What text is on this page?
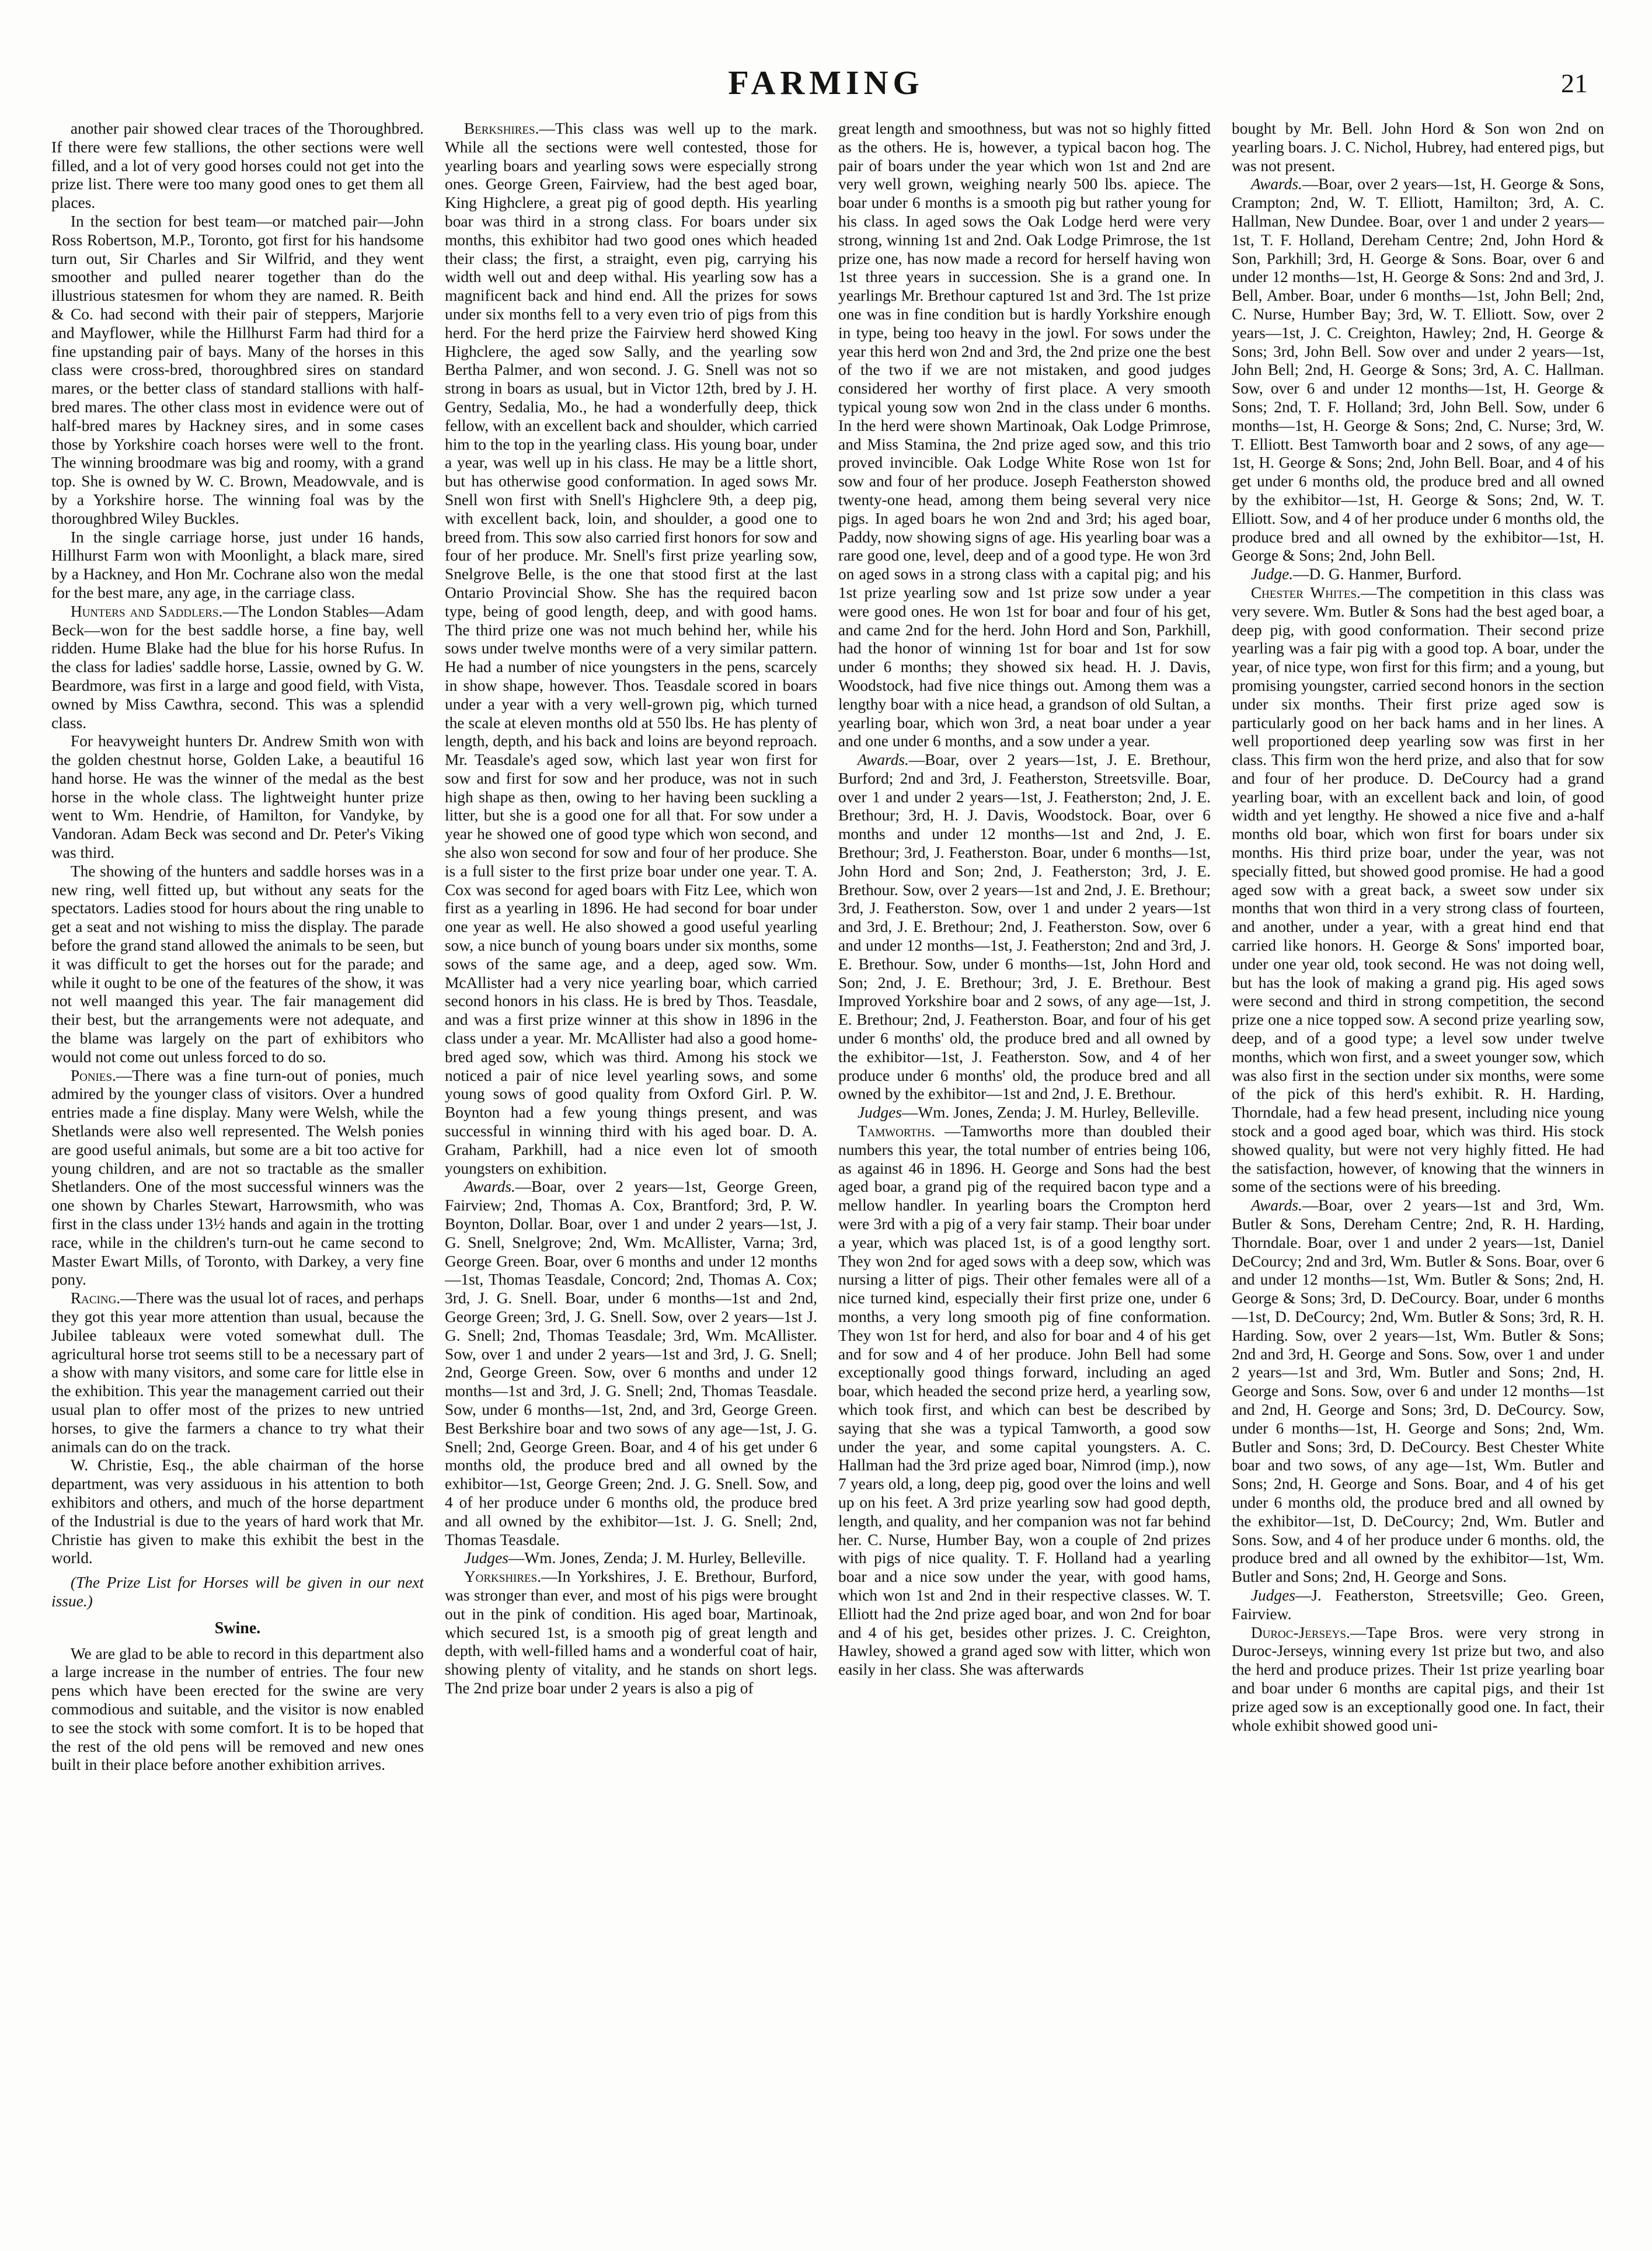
FARMING	21

another pair showed clear traces of the Thoroughbred. If there were few stallions, the other sections were well filled, and a lot of very good horses could not get into the prize list. There were too many good ones to get them all places.

In the section for best team—or matched pair—John Ross Robertson, M.P., Toronto, got first for his handsome turn out, Sir Charles and Sir Wilfrid, and they went smoother and pulled nearer together than do the illustrious statesmen for whom they are named. R. Beith & Co. had second with their pair of steppers, Marjorie and Mayflower, while the Hillhurst Farm had third for a fine upstanding pair of bays. Many of the horses in this class were cross-bred, thoroughbred sires on standard mares, or the better class of standard stallions with half-bred mares. The other class most in evidence were out of half-bred mares by Hackney sires, and in some cases those by Yorkshire coach horses were well to the front. The winning broodmare was big and roomy, with a grand top. She is owned by W. C. Brown, Meadowvale, and is by a Yorkshire horse. The winning foal was by the thoroughbred Wiley Buckles.

In the single carriage horse, just under 16 hands, Hillhurst Farm won with Moonlight, a black mare, sired by a Hackney, and Hon Mr. Cochrane also won the medal for the best mare, any age, in the carriage class.

Hunters and Saddlers.—The London Stables—Adam Beck—won for the best saddle horse, a fine bay, well ridden. Hume Blake had the blue for his horse Rufus. In the class for ladies' saddle horse, Lassie, owned by G. W. Beardmore, was first in a large and good field, with Vista, owned by Miss Cawthra, second. This was a splendid class.

For heavyweight hunters Dr. Andrew Smith won with the golden chestnut horse, Golden Lake, a beautiful 16 hand horse. He was the winner of the medal as the best horse in the whole class. The lightweight hunter prize went to Wm. Hendrie, of Hamilton, for Vandyke, by Vandoran. Adam Beck was second and Dr. Peter's Viking was third.

The showing of the hunters and saddle horses was in a new ring, well fitted up, but without any seats for the spectators. Ladies stood for hours about the ring unable to get a seat and not wishing to miss the display. The parade before the grand stand allowed the animals to be seen, but it was difficult to get the horses out for the parade; and while it ought to be one of the features of the show, it was not well maanged this year. The fair management did their best, but the arrangements were not adequate, and the blame was largely on the part of exhibitors who would not come out unless forced to do so.

Ponies.—There was a fine turn-out of ponies, much admired by the younger class of visitors. Over a hundred entries made a fine display. Many were Welsh, while the Shetlands were also well represented. The Welsh ponies are good useful animals, but some are a bit too active for young children, and are not so tractable as the smaller Shetlanders. One of the most successful winners was the one shown by Charles Stewart, Harrowsmith, who was first in the class under 13½ hands and again in the trotting race, while in the children's turn-out he came second to Master Ewart Mills, of Toronto, with Darkey, a very fine pony.

Racing.—There was the usual lot of races, and perhaps they got this year more attention than usual, because the Jubilee tableaux were voted somewhat dull. The agricultural horse trot seems still to be a necessary part of a show with many visitors, and some care for little else in the exhibition. This year the management carried out their usual plan to offer most of the prizes to new untried horses, to give the farmers a chance to try what their animals can do on the track.

W. Christie, Esq., the able chairman of the horse department, was very assiduous in his attention to both exhibitors and others, and much of the horse department of the Industrial is due to the years of hard work that Mr. Christie has given to make this exhibit the best in the world.

(The Prize List for Horses will be given in our next issue.)

Swine.

We are glad to be able to record in this department also a large increase in the number of entries. The four new pens which have been erected for the swine are very commodious and suitable, and the visitor is now enabled to see the stock with some comfort. It is to be hoped that the rest of the old pens will be removed and new ones built in their place before another exhibition arrives.

Berkshires.—This class was well up to the mark. While all the sections were well contested, those for yearling boars and yearling sows were especially strong ones. George Green, Fairview, had the best aged boar, King Highclere, a great pig of good depth. His yearling boar was third in a strong class. For boars under six months, this exhibitor had two good ones which headed their class; the first, a straight, even pig, carrying his width well out and deep withal. His yearling sow has a magnificent back and hind end. All the prizes for sows under six months fell to a very even trio of pigs from this herd. For the herd prize the Fairview herd showed King Highclere, the aged sow Sally, and the yearling sow Bertha Palmer, and won second. J. G. Snell was not so strong in boars as usual, but in Victor 12th, bred by J. H. Gentry, Sedalia, Mo., he had a wonderfully deep, thick fellow, with an excellent back and shoulder, which carried him to the top in the yearling class. His young boar, under a year, was well up in his class. He may be a little short, but has otherwise good conformation. In aged sows Mr. Snell won first with Snell's Highclere 9th, a deep pig, with excellent back, loin, and shoulder, a good one to breed from. This sow also carried first honors for sow and four of her produce. Mr. Snell's first prize yearling sow, Snelgrove Belle, is the one that stood first at the last Ontario Provincial Show. She has the required bacon type, being of good length, deep, and with good hams. The third prize one was not much behind her, while his sows under twelve months were of a very similar pattern. He had a number of nice youngsters in the pens, scarcely in show shape, however. Thos. Teasdale scored in boars under a year with a very well-grown pig, which turned the scale at eleven months old at 550 lbs. He has plenty of length, depth, and his back and loins are beyond reproach. Mr. Teasdale's aged sow, which last year won first for sow and first for sow and her produce, was not in such high shape as then, owing to her having been suckling a litter, but she is a good one for all that. For sow under a year he showed one of good type which won second, and she also won second for sow and four of her produce. She is a full sister to the first prize boar under one year. T. A. Cox was second for aged boars with Fitz Lee, which won first as a yearling in 1896. He had second for boar under one year as well. He also showed a good useful yearling sow, a nice bunch of young boars under six months, some sows of the same age, and a deep, aged sow. Wm. McAllister had a very nice yearling boar, which carried second honors in his class. He is bred by Thos. Teasdale, and was a first prize winner at this show in 1896 in the class under a year. Mr. McAllister had also a good home-bred aged sow, which was third. Among his stock we noticed a pair of nice level yearling sows, and some young sows of good quality from Oxford Girl. P. W. Boynton had a few young things present, and was successful in winning third with his aged boar. D. A. Graham, Parkhill, had a nice even lot of smooth youngsters on exhibition.

Awards.—Boar, over 2 years—1st, George Green, Fairview; 2nd, Thomas A. Cox, Brantford; 3rd, P. W. Boynton, Dollar. Boar, over 1 and under 2 years—1st, J. G. Snell, Snelgrove; 2nd, Wm. McAllister, Varna; 3rd, George Green. Boar, over 6 months and under 12 months—1st, Thomas Teasdale, Concord; 2nd, Thomas A. Cox; 3rd, J. G. Snell. Boar, under 6 months—1st and 2nd, George Green; 3rd, J. G. Snell. Sow, over 2 years—1st J. G. Snell; 2nd, Thomas Teasdale; 3rd, Wm. McAllister. Sow, over 1 and under 2 years—1st and 3rd, J. G. Snell; 2nd, George Green. Sow, over 6 months and under 12 months—1st and 3rd, J. G. Snell; 2nd, Thomas Teasdale. Sow, under 6 months—1st, 2nd, and 3rd, George Green. Best Berkshire boar and two sows of any age—1st, J. G. Snell; 2nd, George Green. Boar, and 4 of his get under 6 months old, the produce bred and all owned by the exhibitor—1st, George Green; 2nd. J. G. Snell. Sow, and 4 of her produce under 6 months old, the produce bred and all owned by the exhibitor—1st. J. G. Snell; 2nd, Thomas Teasdale.

Judges—Wm. Jones, Zenda; J. M. Hurley, Belleville.

Yorkshires.—In Yorkshires, J. E. Brethour, Burford, was stronger than ever, and most of his pigs were brought out in the pink of condition. His aged boar, Martinoak, which secured 1st, is a smooth pig of great length and depth, with well-filled hams and a wonderful coat of hair, showing plenty of vitality, and he stands on short legs. The 2nd prize boar under 2 years is also a pig of

great length and smoothness, but was not so highly fitted as the others. He is, however, a typical bacon hog. The pair of boars under the year which won 1st and 2nd are very well grown, weighing nearly 500 lbs. apiece. The boar under 6 months is a smooth pig but rather young for his class. In aged sows the Oak Lodge herd were very strong, winning 1st and 2nd. Oak Lodge Primrose, the 1st prize one, has now made a record for herself having won 1st three years in succession. She is a grand one. In yearlings Mr. Brethour captured 1st and 3rd. The 1st prize one was in fine condition but is hardly Yorkshire enough in type, being too heavy in the jowl. For sows under the year this herd won 2nd and 3rd, the 2nd prize one the best of the two if we are not mistaken, and good judges considered her worthy of first place. A very smooth typical young sow won 2nd in the class under 6 months. In the herd were shown Martinoak, Oak Lodge Primrose, and Miss Stamina, the 2nd prize aged sow, and this trio proved invincible. Oak Lodge White Rose won 1st for sow and four of her produce. Joseph Featherston showed twenty-one head, among them being several very nice pigs. In aged boars he won 2nd and 3rd; his aged boar, Paddy, now showing signs of age. His yearling boar was a rare good one, level, deep and of a good type. He won 3rd on aged sows in a strong class with a capital pig; and his 1st prize yearling sow and 1st prize sow under a year were good ones. He won 1st for boar and four of his get, and came 2nd for the herd. John Hord and Son, Parkhill, had the honor of winning 1st for boar and 1st for sow under 6 months; they showed six head. H. J. Davis, Woodstock, had five nice things out. Among them was a lengthy boar with a nice head, a grandson of old Sultan, a yearling boar, which won 3rd, a neat boar under a year and one under 6 months, and a sow under a year.

Awards.—Boar, over 2 years—1st, J. E. Brethour, Burford; 2nd and 3rd, J. Featherston, Streetsville. Boar, over 1 and under 2 years—1st, J. Featherston; 2nd, J. E. Brethour; 3rd, H. J. Davis, Woodstock. Boar, over 6 months and under 12 months—1st and 2nd, J. E. Brethour; 3rd, J. Featherston. Boar, under 6 months—1st, John Hord and Son; 2nd, J. Featherston; 3rd, J. E. Brethour. Sow, over 2 years—1st and 2nd, J. E. Brethour; 3rd, J. Featherston. Sow, over 1 and under 2 years—1st and 3rd, J. E. Brethour; 2nd, J. Featherston. Sow, over 6 and under 12 months—1st, J. Featherston; 2nd and 3rd, J. E. Brethour. Sow, under 6 months—1st, John Hord and Son; 2nd, J. E. Brethour; 3rd, J. E. Brethour. Best Improved Yorkshire boar and 2 sows, of any age—1st, J. E. Brethour; 2nd, J. Featherston. Boar, and four of his get under 6 months' old, the produce bred and all owned by the exhibitor—1st, J. Featherston. Sow, and 4 of her produce under 6 months' old, the produce bred and all owned by the exhibitor—1st and 2nd, J. E. Brethour.

Judges—Wm. Jones, Zenda; J. M. Hurley, Belleville.

Tamworths. —Tamworths more than doubled their numbers this year, the total number of entries being 106, as against 46 in 1896. H. George and Sons had the best aged boar, a grand pig of the required bacon type and a mellow handler. In yearling boars the Crompton herd were 3rd with a pig of a very fair stamp. Their boar under a year, which was placed 1st, is of a good lengthy sort. They won 2nd for aged sows with a deep sow, which was nursing a litter of pigs. Their other females were all of a nice turned kind, especially their first prize one, under 6 months, a very long smooth pig of fine conformation. They won 1st for herd, and also for boar and 4 of his get and for sow and 4 of her produce. John Bell had some exceptionally good things forward, including an aged boar, which headed the second prize herd, a yearling sow, which took first, and which can best be described by saying that she was a typical Tamworth, a good sow under the year, and some capital youngsters. A. C. Hallman had the 3rd prize aged boar, Nimrod (imp.), now 7 years old, a long, deep pig, good over the loins and well up on his feet. A 3rd prize yearling sow had good depth, length, and quality, and her companion was not far behind her. C. Nurse, Humber Bay, won a couple of 2nd prizes with pigs of nice quality. T. F. Holland had a yearling boar and a nice sow under the year, with good hams, which won 1st and 2nd in their respective classes. W. T. Elliott had the 2nd prize aged boar, and won 2nd for boar and 4 of his get, besides other prizes. J. C. Creighton, Hawley, showed a grand aged sow with litter, which won easily in her class. She was afterwards

bought by Mr. Bell. John Hord & Son won 2nd on yearling boars. J. C. Nichol, Hubrey, had entered pigs, but was not present.

Awards.—Boar, over 2 years—1st, H. George & Sons, Crampton; 2nd, W. T. Elliott, Hamilton; 3rd, A. C. Hallman, New Dundee. Boar, over 1 and under 2 years—1st, T. F. Holland, Dereham Centre; 2nd, John Hord & Son, Parkhill; 3rd, H. George & Sons. Boar, over 6 and under 12 months—1st, H. George & Sons: 2nd and 3rd, J. Bell, Amber. Boar, under 6 months—1st, John Bell; 2nd, C. Nurse, Humber Bay; 3rd, W. T. Elliott. Sow, over 2 years—1st, J. C. Creighton, Hawley; 2nd, H. George & Sons; 3rd, John Bell. Sow over and under 2 years—1st, John Bell; 2nd, H. George & Sons; 3rd, A. C. Hallman. Sow, over 6 and under 12 months—1st, H. George & Sons; 2nd, T. F. Holland; 3rd, John Bell. Sow, under 6 months—1st, H. George & Sons; 2nd, C. Nurse; 3rd, W. T. Elliott. Best Tamworth boar and 2 sows, of any age—1st, H. George & Sons; 2nd, John Bell. Boar, and 4 of his get under 6 months old, the produce bred and all owned by the exhibitor—1st, H. George & Sons; 2nd, W. T. Elliott. Sow, and 4 of her produce under 6 months old, the produce bred and all owned by the exhibitor—1st, H. George & Sons; 2nd, John Bell.

Judge.—D. G. Hanmer, Burford.

Chester Whites.—The competition in this class was very severe. Wm. Butler & Sons had the best aged boar, a deep pig, with good conformation. Their second prize yearling was a fair pig with a good top. A boar, under the year, of nice type, won first for this firm; and a young, but promising youngster, carried second honors in the section under six months. Their first prize aged sow is particularly good on her back hams and in her lines. A well proportioned deep yearling sow was first in her class. This firm won the herd prize, and also that for sow and four of her produce. D. DeCourcy had a grand yearling boar, with an excellent back and loin, of good width and yet lengthy. He showed a nice five and a-half months old boar, which won first for boars under six months. His third prize boar, under the year, was not specially fitted, but showed good promise. He had a good aged sow with a great back, a sweet sow under six months that won third in a very strong class of fourteen, and another, under a year, with a great hind end that carried like honors. H. George & Sons' imported boar, under one year old, took second. He was not doing well, but has the look of making a grand pig. His aged sows were second and third in strong competition, the second prize one a nice topped sow. A second prize yearling sow, deep, and of a good type; a level sow under twelve months, which won first, and a sweet younger sow, which was also first in the section under six months, were some of the pick of this herd's exhibit. R. H. Harding, Thorndale, had a few head present, including nice young stock and a good aged boar, which was third. His stock showed quality, but were not very highly fitted. He had the satisfaction, however, of knowing that the winners in some of the sections were of his breeding.

Awards.—Boar, over 2 years—1st and 3rd, Wm. Butler & Sons, Dereham Centre; 2nd, R. H. Harding, Thorndale. Boar, over 1 and under 2 years—1st, Daniel DeCourcy; 2nd and 3rd, Wm. Butler & Sons. Boar, over 6 and under 12 months—1st, Wm. Butler & Sons; 2nd, H. George & Sons; 3rd, D. DeCourcy. Boar, under 6 months—1st, D. DeCourcy; 2nd, Wm. Butler & Sons; 3rd, R. H. Harding. Sow, over 2 years—1st, Wm. Butler & Sons; 2nd and 3rd, H. George and Sons. Sow, over 1 and under 2 years—1st and 3rd, Wm. Butler and Sons; 2nd, H. George and Sons. Sow, over 6 and under 12 months—1st and 2nd, H. George and Sons; 3rd, D. DeCourcy. Sow, under 6 months—1st, H. George and Sons; 2nd, Wm. Butler and Sons; 3rd, D. DeCourcy. Best Chester White boar and two sows, of any age—1st, Wm. Butler and Sons; 2nd, H. George and Sons. Boar, and 4 of his get under 6 months old, the produce bred and all owned by the exhibitor—1st, D. DeCourcy; 2nd, Wm. Butler and Sons. Sow, and 4 of her produce under 6 months. old, the produce bred and all owned by the exhibitor—1st, Wm. Butler and Sons; 2nd, H. George and Sons.

Judges—J. Featherston, Streetsville; Geo. Green, Fairview.

Duroc-Jerseys.—Tape Bros. were very strong in Duroc-Jerseys, winning every 1st prize but two, and also the herd and produce prizes. Their 1st prize yearling boar and boar under 6 months are capital pigs, and their 1st prize aged sow is an exceptionally good one. In fact, their whole exhibit showed good uni-
